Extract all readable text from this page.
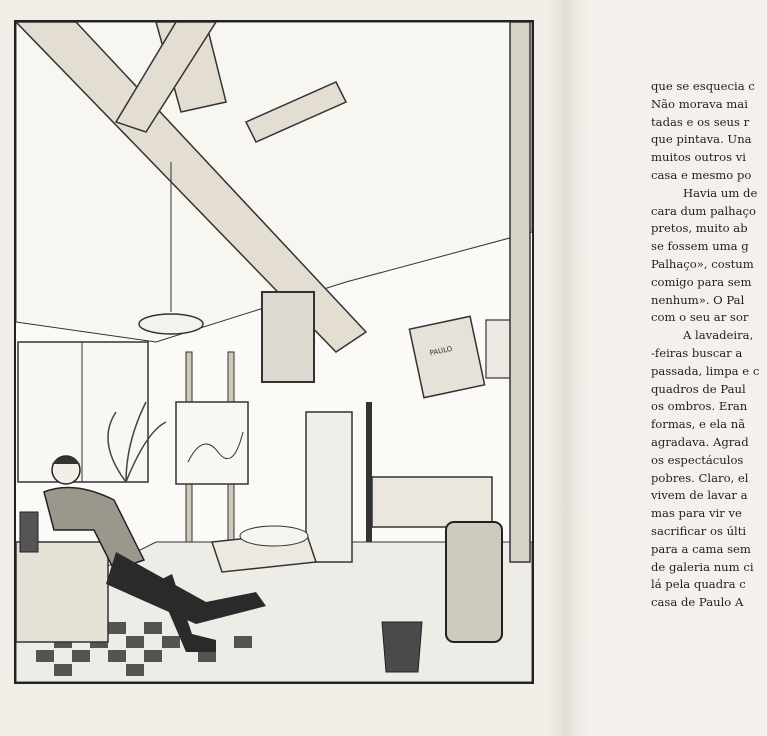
PAULO
que se esquecia c
Não morava mai
tadas e os seus r
que pintava. Una
muitos outros vi
casa e mesmo po
Havia um de
cara dum palhaço
pretos, muito ab
se fossem uma g
Palhaço», costum
comigo para sem
nenhum». O Pal
com o seu ar sor
A lavadeira,
-feiras buscar a
passada, limpa e c
quadros de Paul
os ombros. Eran
formas, e ela nã
agradava. Agrad
os espectáculos
pobres. Claro, el
vivem de lavar a
mas para vir ve
sacrificar os últi
para a cama sem
de galeria num ci
lá pela quadra c
casa de Paulo A
